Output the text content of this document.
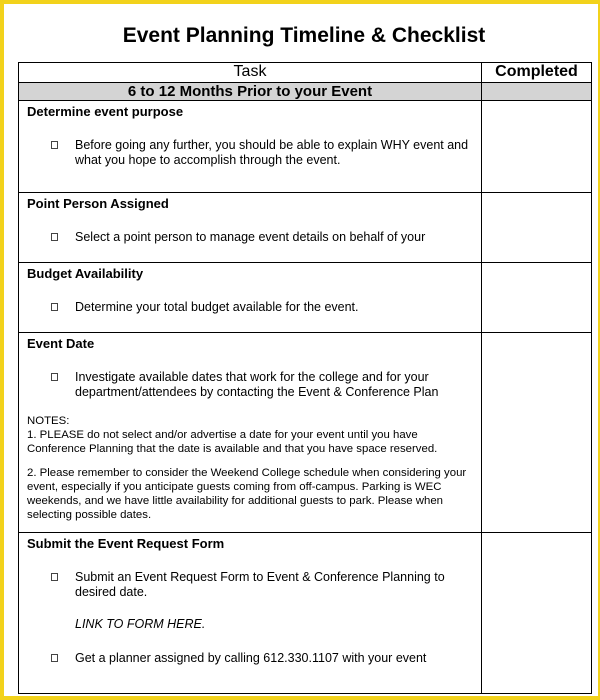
Event Planning Timeline & Checklist
Task	Completed
6 to 12 Months Prior to your Event	

Determine event purpose
Before going any further, you should be able to explain WHY event and what you hope to accomplish through the event.	

Point Person Assigned
Select a point person to manage event details on behalf of your	

Budget Availability
Determine your total budget available for the event.	

Event Date
Investigate available dates that work for the college and for your department/attendees by contacting the Event & Conference Plan
NOTES:
1. PLEASE do not select and/or advertise a date for your event until you have Conference Planning that the date is available and that you have space reserved.
2. Please remember to consider the Weekend College schedule when considering your event, especially if you anticipate guests coming from off-campus. Parking is WEC weekends, and we have little availability for additional guests to park. Please when selecting possible dates.	

Submit the Event Request Form
Submit an Event Request Form to Event & Conference Planning to desired date.
LINK TO FORM HERE.
Get a planner assigned by calling 612.330.1107 with your event	
